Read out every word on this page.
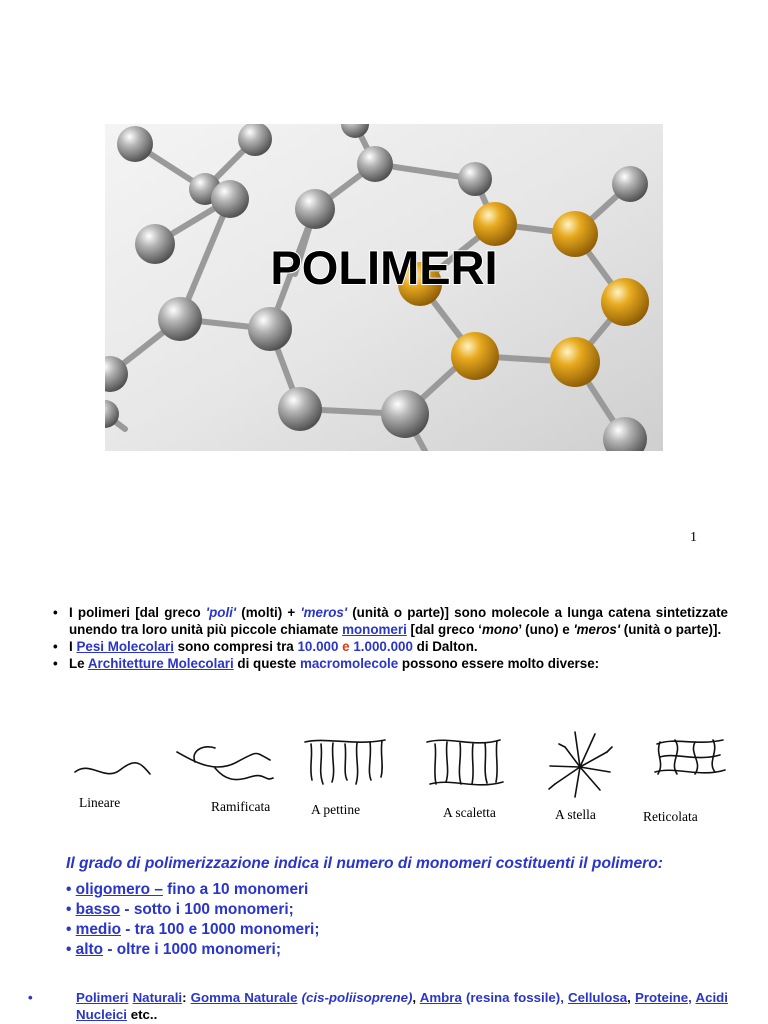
POLIMERI
1
• I polimeri [dal greco 'poli' (molti) + 'meros' (unità o parte)] sono molecole a lunga catena sintetizzate unendo tra loro unità più piccole chiamate monomeri [dal greco ‘mono’ (uno) e 'meros' (unità o parte)].
• I Pesi Molecolari sono compresi tra 10.000 e 1.000.000 di Dalton.
• Le Architetture Molecolari di queste macromolecole possono essere molto diverse:
Lineare	Ramificata	A pettine	A scaletta	A stella	Reticolata
Il grado di polimerizzazione indica il numero di monomeri costituenti il polimero:
• oligomero – fino a 10 monomeri
• basso - sotto i 100 monomeri;
• medio - tra 100 e 1000 monomeri;
• alto - oltre i 1000 monomeri;
•	Polimeri Naturali: Gomma Naturale (cis-poliisoprene), Ambra (resina fossile), Cellulosa, Proteine, Acidi Nucleici etc..
